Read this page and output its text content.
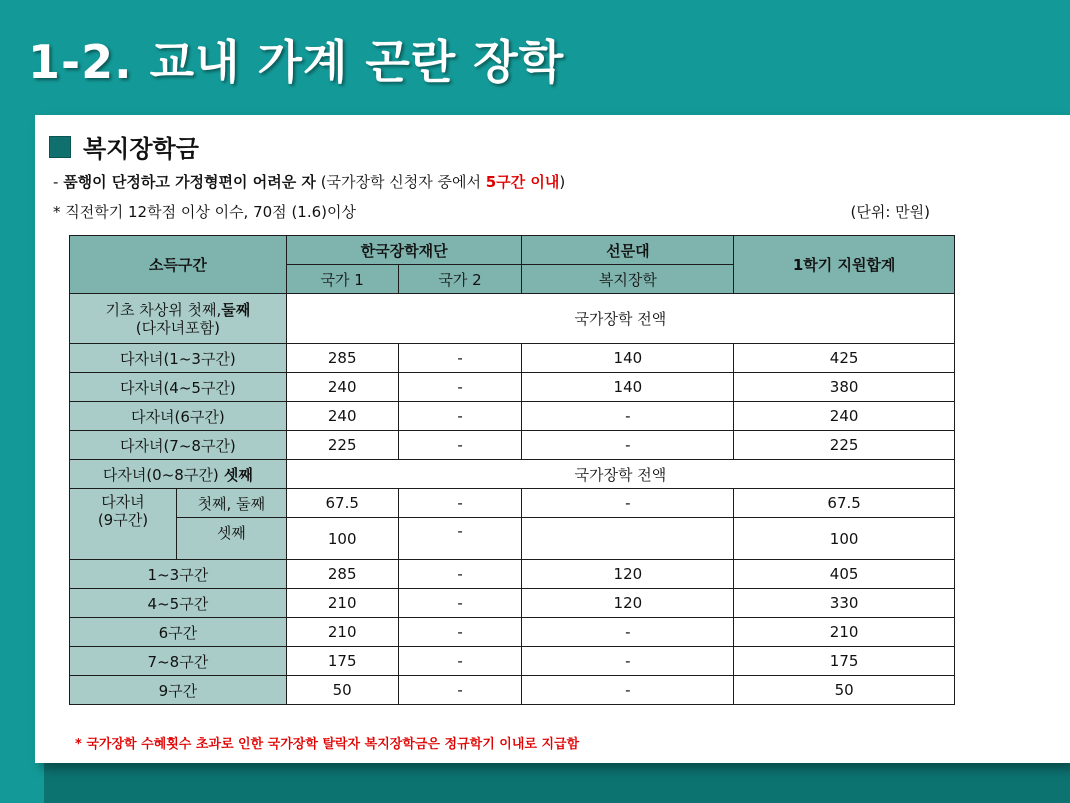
1-2. 교내 가계 곤란 장학
복지장학금
- 품행이 단정하고 가정형편이 어려운 자 (국가장학 신청자 중에서 5구간 이내)
* 직전학기 12학점 이상 이수, 70점 (1.6)이상	(단위: 만원)
소득구간		한국장학재단		선문대	1학기 지원합계
		국가 1	국가 2	복지장학	
기초 차상위 첫째,둘째
(다자녀포함)		국가장학 전액			
다자녀(1~3구간)		285	-	140	425
다자녀(4~5구간)		240	-	140	380
다자녀(6구간)		240	-	-	240
다자녀(7~8구간)		225	-	-	225
다자녀(0~8구간) 셋째		국가장학 전액			
다자녀
(9구간)	첫째, 둘째	67.5	-	-	67.5
	셋째	100	-		100
1~3구간		285	-	120	405
4~5구간		210	-	120	330
6구간		210	-	-	210
7~8구간		175	-	-	175
9구간		50	-	-	50
* 국가장학 수혜횟수 초과로 인한 국가장학 탈락자 복지장학금은 정규학기 이내로 지급함
